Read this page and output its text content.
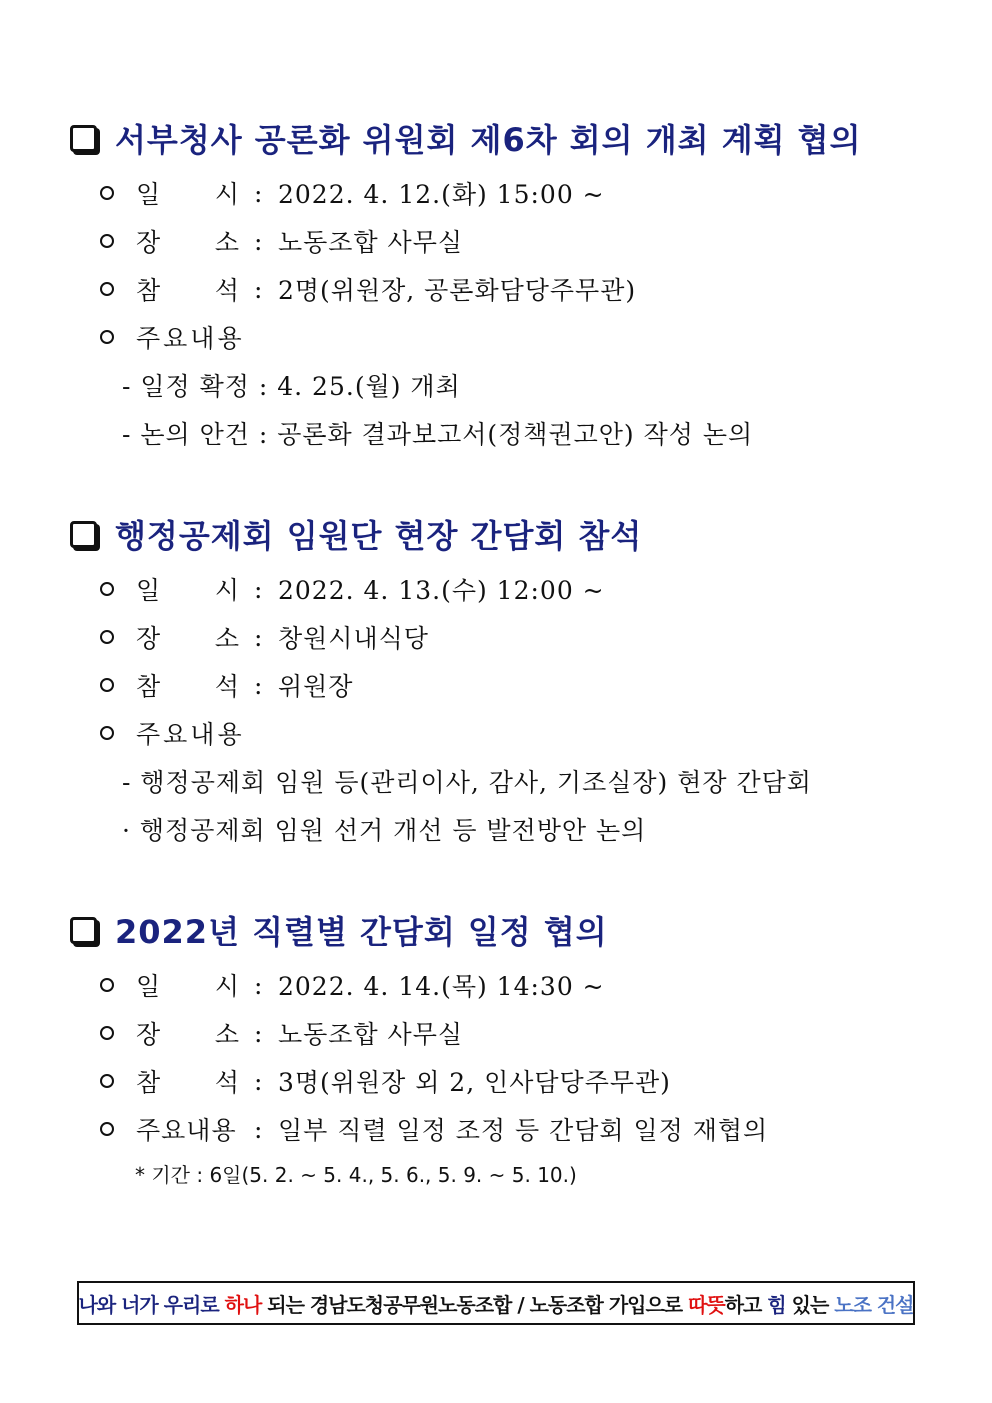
서부청사 공론화 위원회 제6차 회의 개최 계획 협의
일      시 : 2022. 4. 12.(화) 15:00 ~
장      소 : 노동조합 사무실
참      석 : 2명(위원장, 공론화담당주무관)
주요내용
- 일정 확정 : 4. 25.(월) 개최
- 논의 안건 : 공론화 결과보고서(정책권고안) 작성 논의
행정공제회 임원단 현장 간담회 참석
일      시 : 2022. 4. 13.(수) 12:00 ~
장      소 : 창원시내식당
참      석 : 위원장
주요내용
- 행정공제회 임원 등(관리이사, 감사, 기조실장) 현장 간담회
· 행정공제회 임원 선거 개선 등 발전방안 논의
2022년 직렬별 간담회 일정 협의
일      시 : 2022. 4. 14.(목) 14:30 ~
장      소 : 노동조합 사무실
참      석 : 3명(위원장 외 2, 인사담당주무관)
주요내용 : 일부 직렬 일정 조정 등 간담회 일정 재협의
* 기간 : 6일(5. 2. ~ 5. 4., 5. 6., 5. 9. ~ 5. 10.)
나와 너가 우리로 하나 되는 경남도청공무원노동조합 / 노동조합 가입으로 따뜻하고 힘 있는 노조 건설
